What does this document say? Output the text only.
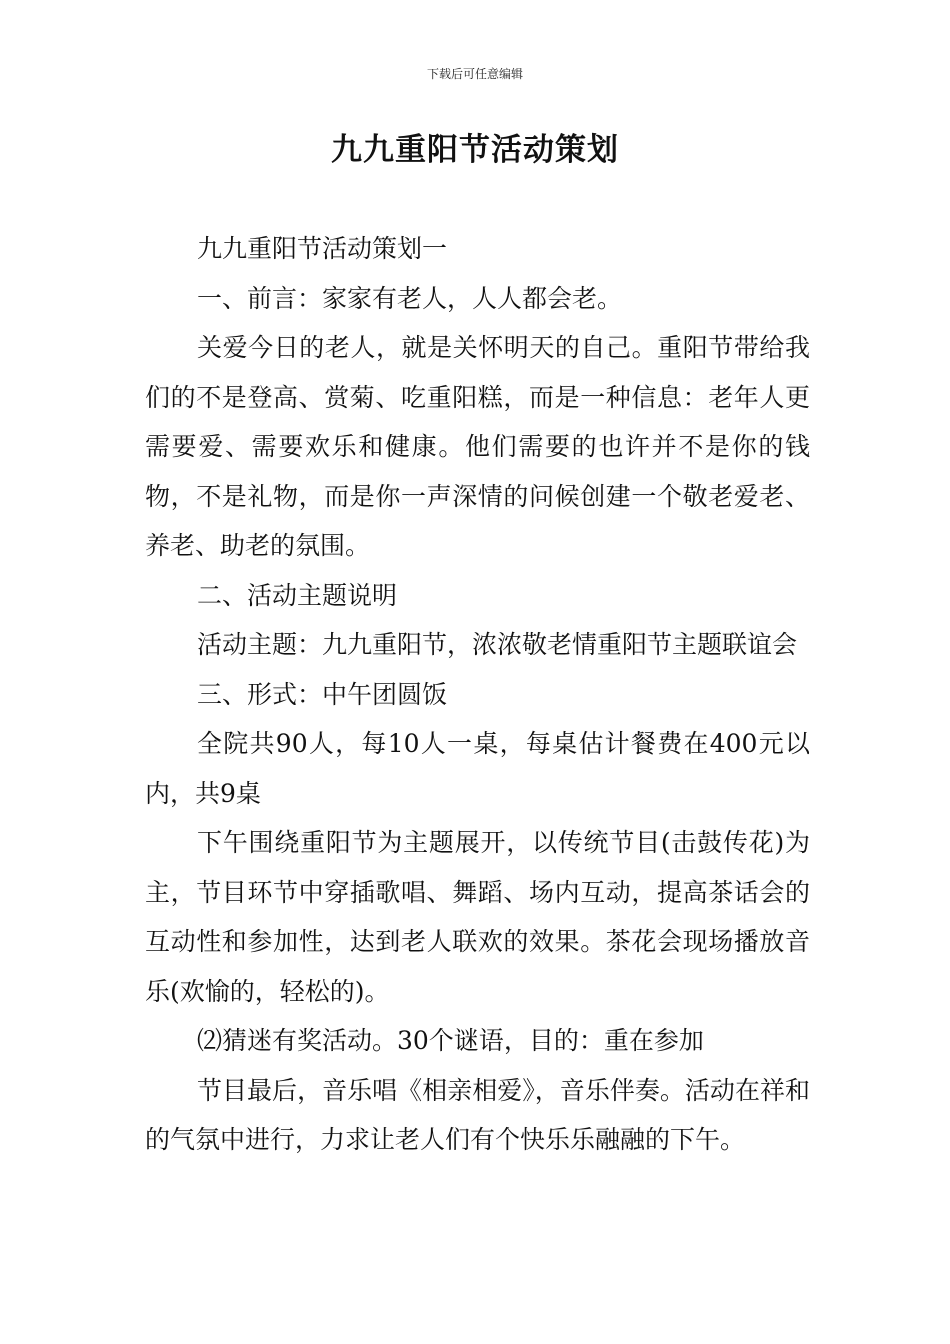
下载后可任意编辑
九九重阳节活动策划

九九重阳节活动策划一

一、前言：家家有老人，人人都会老。

关爱今日的老人，就是关怀明天的自己。重阳节带给我们的不是登高、赏菊、吃重阳糕，而是一种信息：老年人更需要爱、需要欢乐和健康。他们需要的也许并不是你的钱物，不是礼物，而是你一声深情的问候创建一个敬老爱老、养老、助老的氛围。

二、活动主题说明

活动主题：九九重阳节，浓浓敬老情重阳节主题联谊会

三、形式：中午团圆饭

全院共90人，每10人一桌，每桌估计餐费在400元以内，共9桌

下午围绕重阳节为主题展开，以传统节目(击鼓传花)为主，节目环节中穿插歌唱、舞蹈、场内互动，提高茶话会的互动性和参加性，达到老人联欢的效果。茶花会现场播放音乐(欢愉的，轻松的)。

⑵猜迷有奖活动。30个谜语，目的：重在参加

节目最后，音乐唱《相亲相爱》，音乐伴奏。活动在祥和的气氛中进行，力求让老人们有个快乐乐融融的下午。
